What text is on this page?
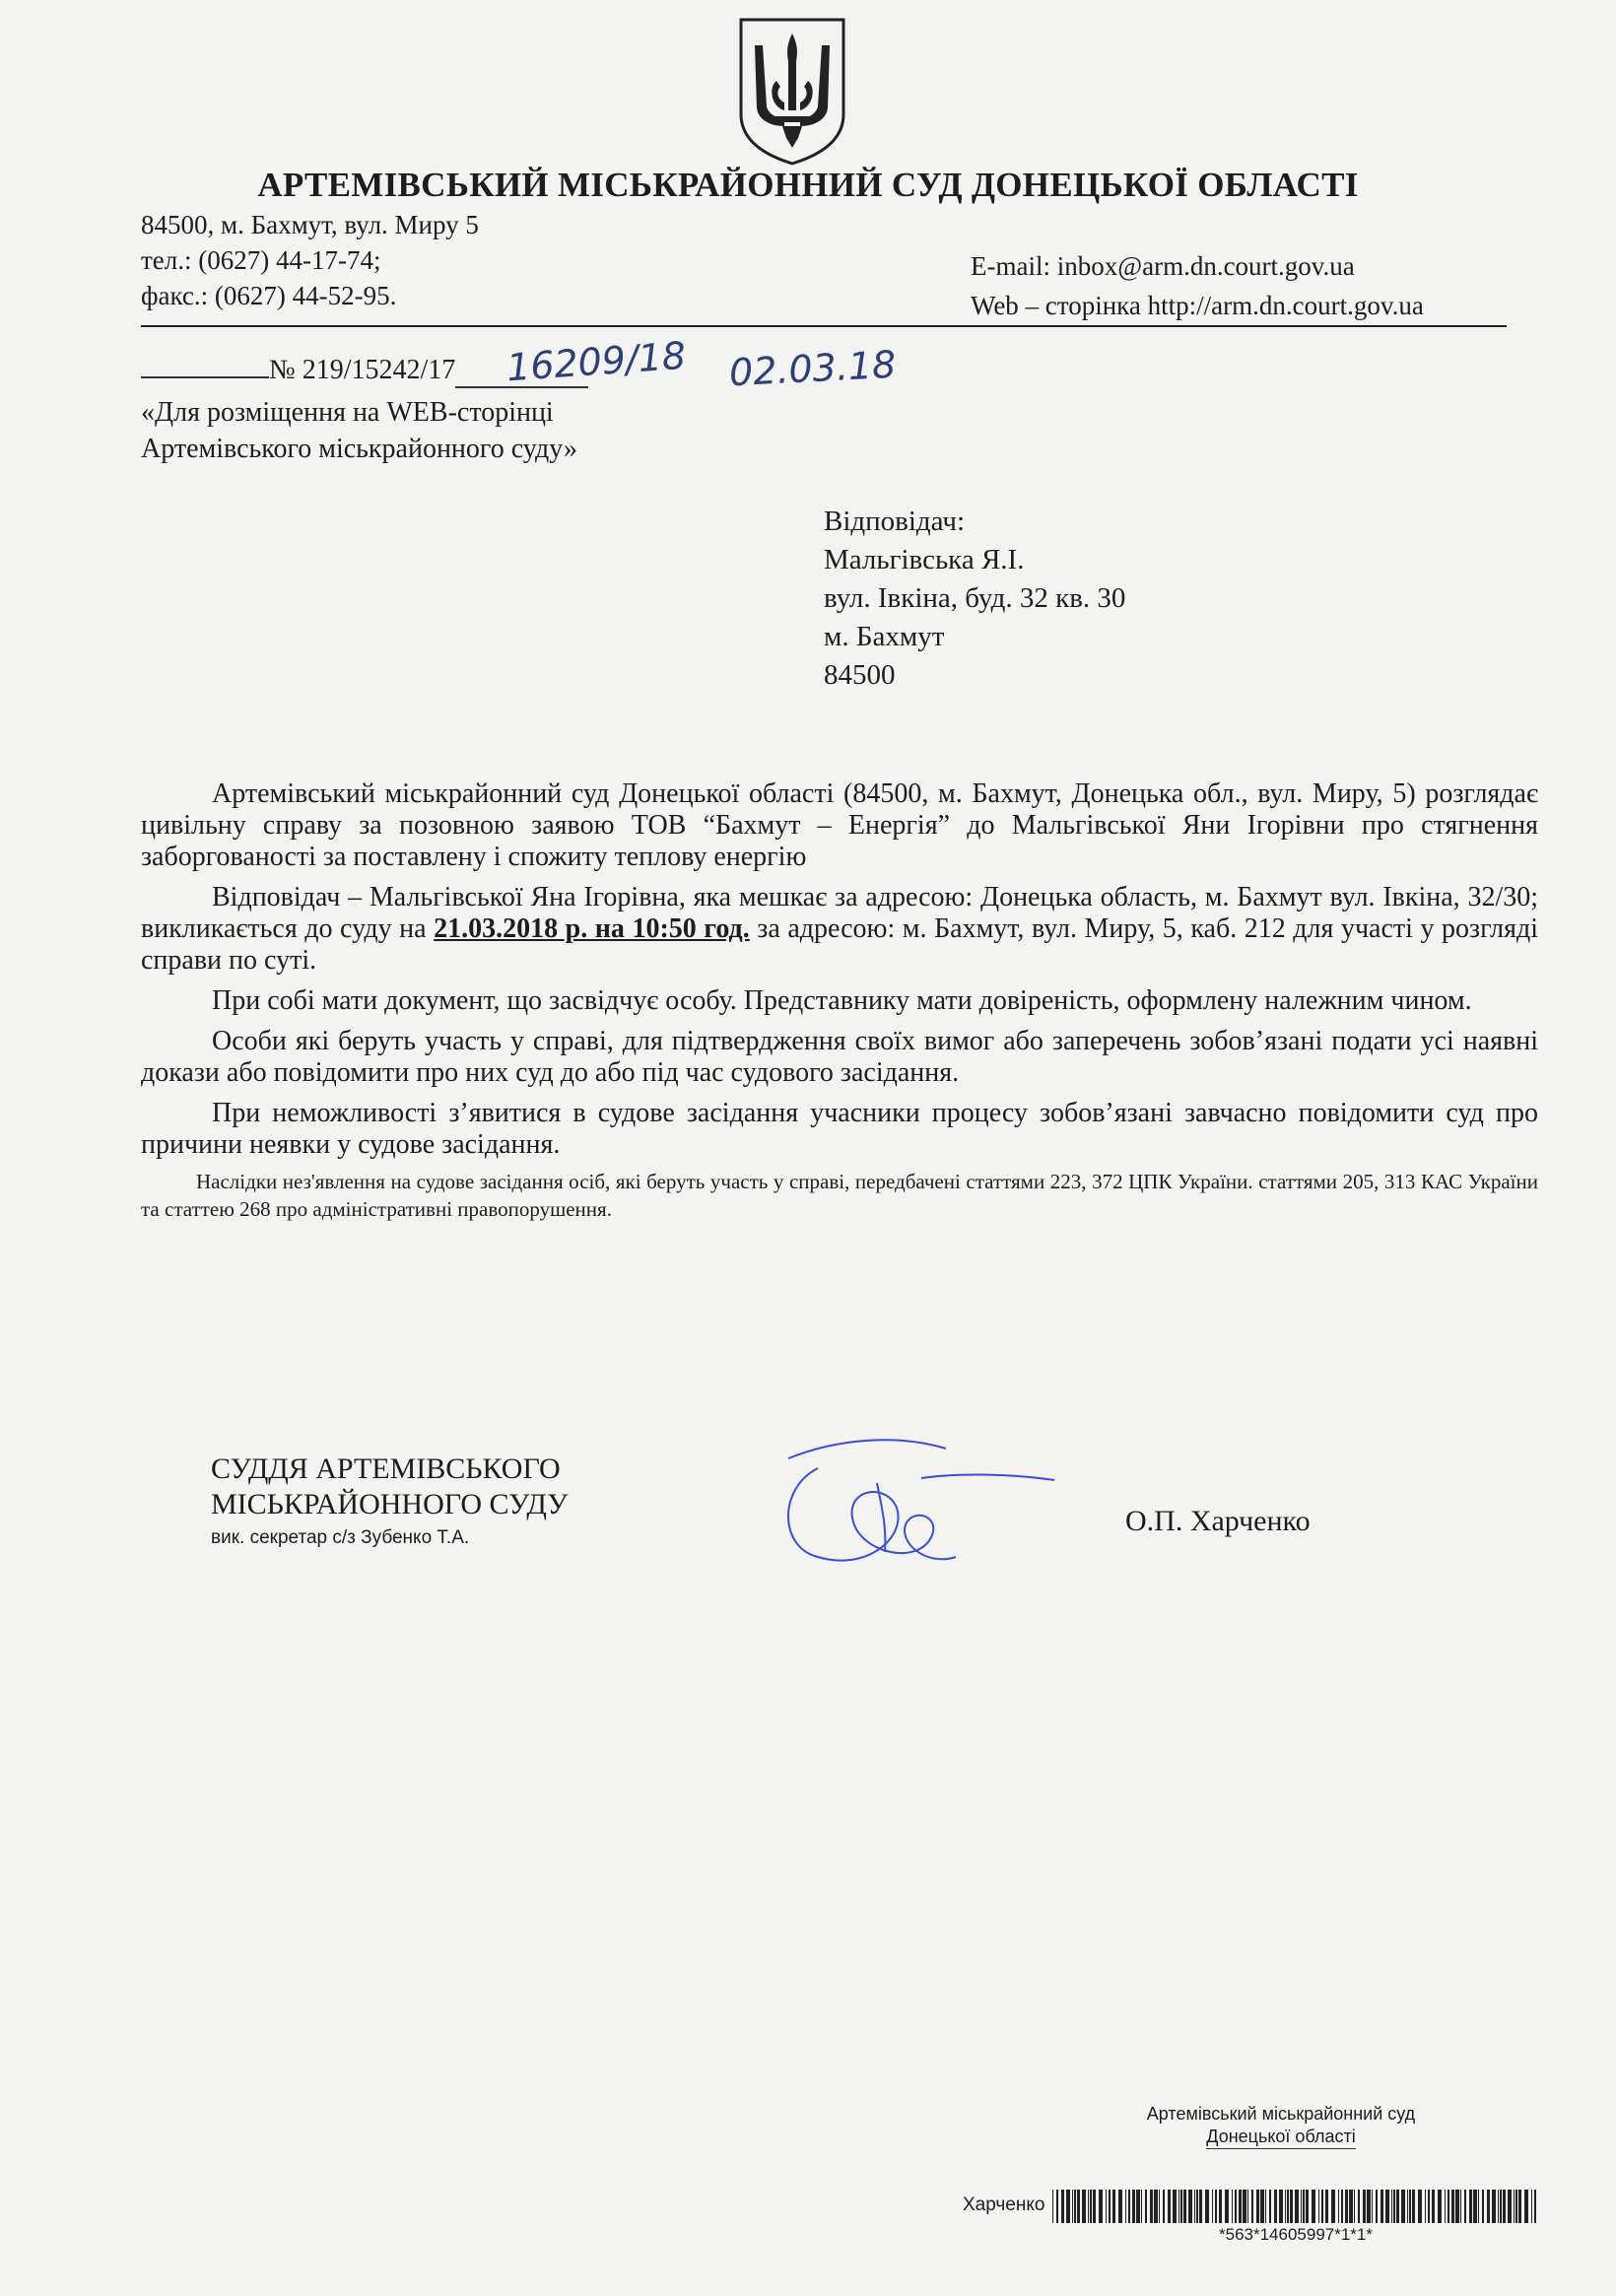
АРТЕМІВСЬКИЙ МІСЬКРАЙОННИЙ СУД ДОНЕЦЬКОЇ ОБЛАСТІ
84500, м. Бахмут, вул. Миру 5
тел.: (0627) 44-17-74;
факс.: (0627) 44-52-95.
E-mail: inbox@arm.dn.court.gov.ua
Web – сторінка http://arm.dn.court.gov.ua
№ 219/15242/17	16209/18 02.03.18
«Для розміщення на WEB-сторінці
Артемівського міськрайонного суду»
Відповідач:
Мальгівська Я.І.
вул. Івкіна, буд. 32 кв. 30
м. Бахмут
84500

Артемівський міськрайонний суд Донецької області (84500, м. Бахмут, Донецька обл., вул. Миру, 5) розглядає цивільну справу за позовною заявою ТОВ “Бахмут – Енергія” до Мальгівської Яни Ігорівни про стягнення заборгованості за поставлену і спожиту теплову енергію

Відповідач – Мальгівської Яна Ігорівна, яка мешкає за адресою: Донецька область, м. Бахмут вул. Івкіна, 32/30; викликається до суду на 21.03.2018 р. на 10:50 год. за адресою: м. Бахмут, вул. Миру, 5, каб. 212 для участі у розгляді справи по суті.

При собі мати документ, що засвідчує особу. Представнику мати довіреність, оформлену належним чином.

Особи які беруть участь у справі, для підтвердження своїх вимог або заперечень зобов’язані подати усі наявні докази або повідомити про них суд до або під час судового засідання.

При неможливості з’явитися в судове засідання учасники процесу зобов’язані завчасно повідомити суд про причини неявки у судове засідання.

Наслідки нез'явлення на судове засідання осіб, які беруть участь у справі, передбачені статтями 223, 372 ЦПК України. статтями 205, 313 КАС України та статтею 268 про адміністративні правопорушення.

СУДДЯ АРТЕМІВСЬКОГО
МІСЬКРАЙОННОГО СУДУ
вик. секретар с/з Зубенко Т.А.
О.П. Харченко
Артемівський міськрайонний суд
Донецької області
Харченко
*563*14605997*1*1*
